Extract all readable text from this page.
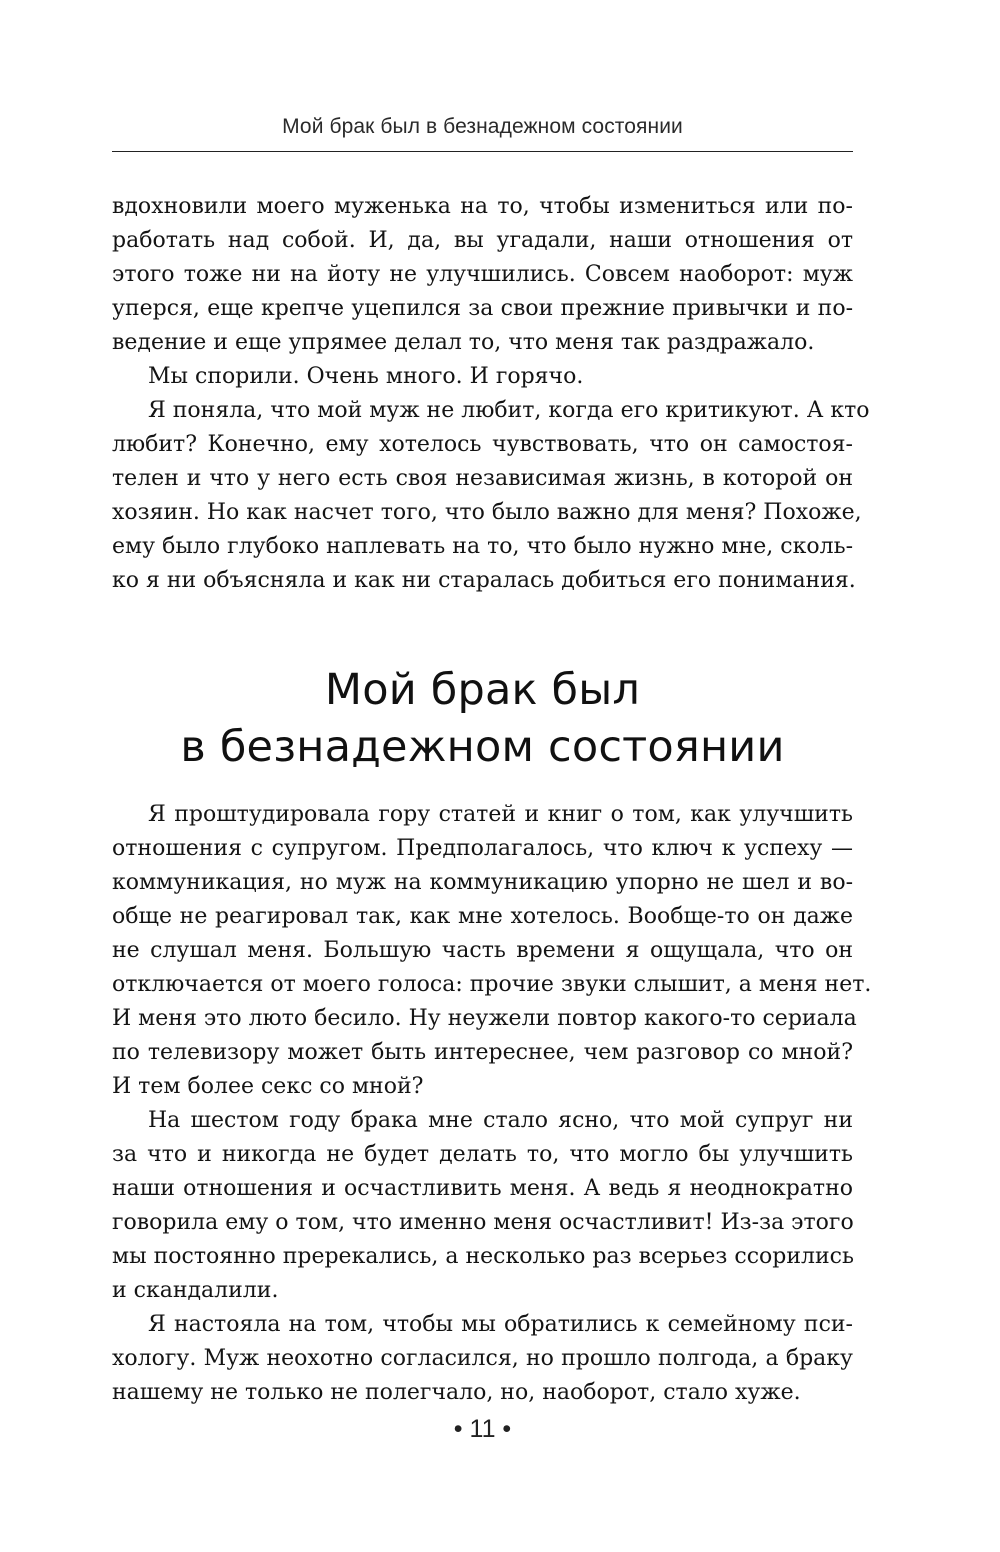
Мой брак был в безнадежном состоянии
вдохновили моего муженька на то, чтобы измениться или по-
работать над собой. И, да, вы угадали, наши отношения от
этого тоже ни на йоту не улучшились. Совсем наоборот: муж
уперся, еще крепче уцепился за свои прежние привычки и по-
ведение и еще упрямее делал то, что меня так раздражало.
Мы спорили. Очень много. И горячо.
Я поняла, что мой муж не любит, когда его критикуют. А кто
любит? Конечно, ему хотелось чувствовать, что он самостоя-
телен и что у него есть своя независимая жизнь, в которой он
хозяин. Но как насчет того, что было важно для меня? Похоже,
ему было глубоко наплевать на то, что было нужно мне, сколь-
ко я ни объясняла и как ни старалась добиться его понимания.
Мой брак был
в безнадежном состоянии
Я проштудировала гору статей и книг о том, как улучшить
отношения с супругом. Предполагалось, что ключ к успеху —
коммуникация, но муж на коммуникацию упорно не шел и во-
обще не реагировал так, как мне хотелось. Вообще-то он даже
не слушал меня. Большую часть времени я ощущала, что он
отключается от моего голоса: прочие звуки слышит, а меня нет.
И меня это люто бесило. Ну неужели повтор какого-то сериала
по телевизору может быть интереснее, чем разговор со мной?
И тем более секс со мной?
На шестом году брака мне стало ясно, что мой супруг ни
за что и никогда не будет делать то, что могло бы улучшить
наши отношения и осчастливить меня. А ведь я неоднократно
говорила ему о том, что именно меня осчастливит! Из-за этого
мы постоянно пререкались, а несколько раз всерьез ссорились
и скандалили.
Я настояла на том, чтобы мы обратились к семейному пси-
хологу. Муж неохотно согласился, но прошло полгода, а браку
нашему не только не полегчало, но, наоборот, стало хуже.
• 11 •
